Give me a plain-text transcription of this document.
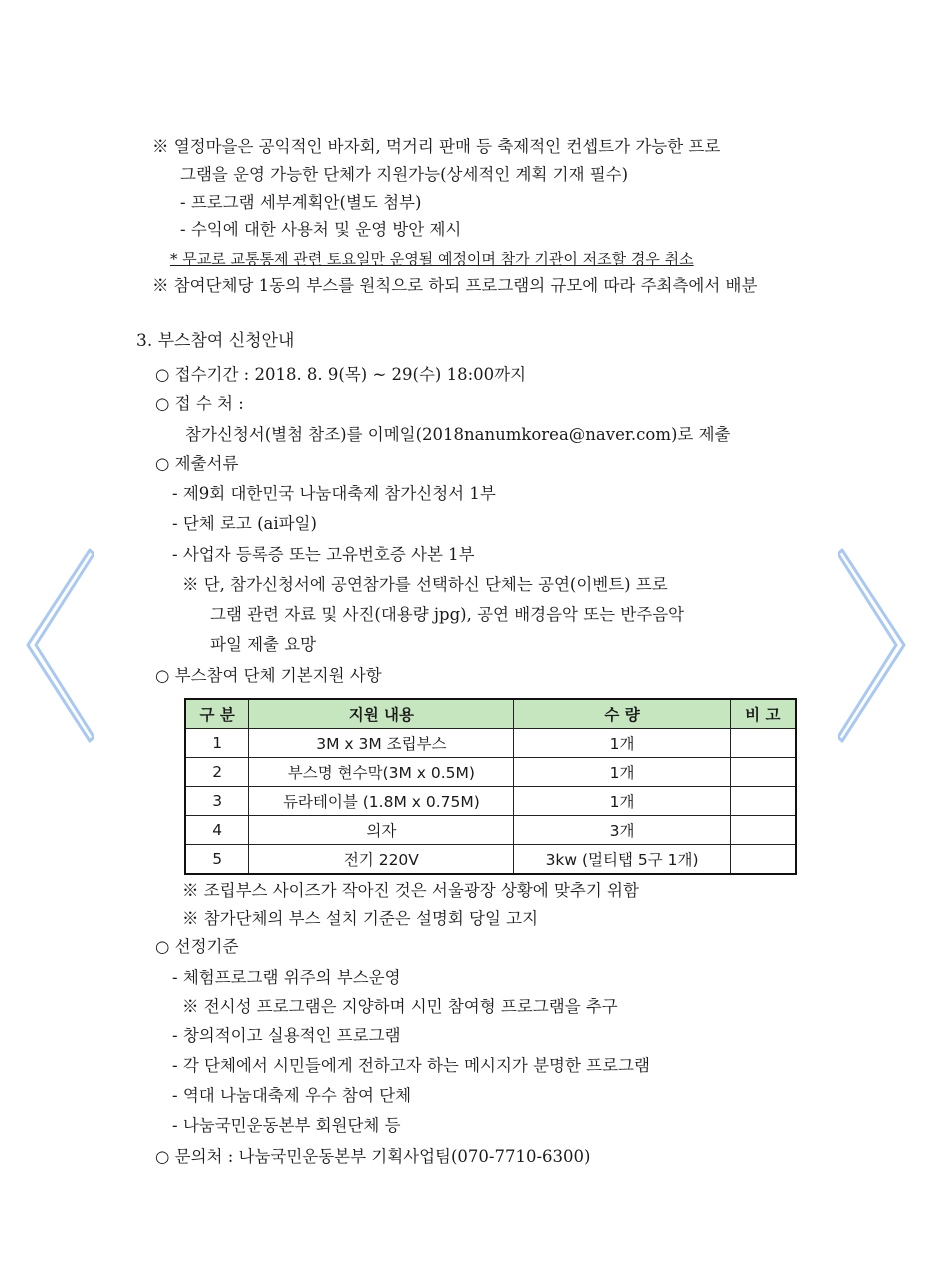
※ 열정마을은 공익적인 바자회, 먹거리 판매 등 축제적인 컨셉트가 가능한 프로
그램을 운영 가능한 단체가 지원가능(상세적인 계획 기재 필수)
- 프로그램 세부계획안(별도 첨부)
- 수익에 대한 사용처 및 운영 방안 제시
* 무교로 교통통제 관련 토요일만 운영될 예정이며 참가 기관이 저조할 경우 취소
※ 참여단체당 1동의 부스를 원칙으로 하되 프로그램의 규모에 따라 주최측에서 배분
3. 부스참여 신청안내
○ 접수기간 : 2018. 8. 9(목) ~ 29(수) 18:00까지
○ 접 수 처 :
참가신청서(별첨 참조)를 이메일(2018nanumkorea@naver.com)로 제출
○ 제출서류
- 제9회 대한민국 나눔대축제 참가신청서 1부
- 단체 로고 (ai파일)
- 사업자 등록증 또는 고유번호증 사본 1부
※ 단, 참가신청서에 공연참가를 선택하신 단체는 공연(이벤트) 프로
그램 관련 자료 및 사진(대용량 jpg), 공연 배경음악 또는 반주음악
파일 제출 요망
○ 부스참여 단체 기본지원 사항
구 분	지원 내용	수 량	비 고
1	3M x 3M 조립부스	1개	
2	부스명 현수막(3M x 0.5M)	1개	
3	듀라테이블 (1.8M x 0.75M)	1개	
4	의자	3개	
5	전기 220V	3kw (멀티탭 5구 1개)	
※ 조립부스 사이즈가 작아진 것은 서울광장 상황에 맞추기 위함
※ 참가단체의 부스 설치 기준은 설명회 당일 고지
○ 선정기준
- 체험프로그램 위주의 부스운영
※ 전시성 프로그램은 지양하며 시민 참여형 프로그램을 추구
- 창의적이고 실용적인 프로그램
- 각 단체에서 시민들에게 전하고자 하는 메시지가 분명한 프로그램
- 역대 나눔대축제 우수 참여 단체
- 나눔국민운동본부 회원단체 등
○ 문의처 : 나눔국민운동본부 기획사업팀(070-7710-6300)
